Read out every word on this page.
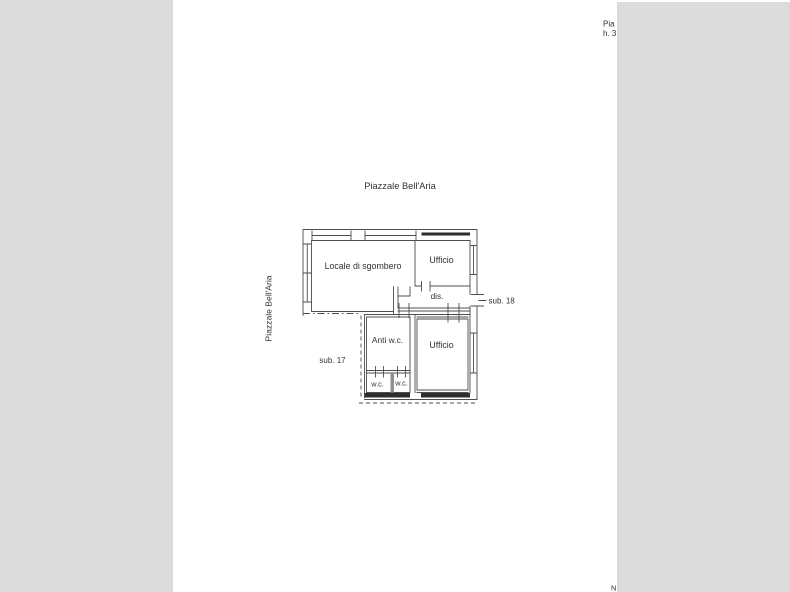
Piazzale Bell'Aria
Piazzale Bell'Aria
Locale di sgombero
Ufficio
dis.
Anti w.c.	Ufficio
w.c. w.c.
sub. 17
sub. 18
Pia
h. 3
N
